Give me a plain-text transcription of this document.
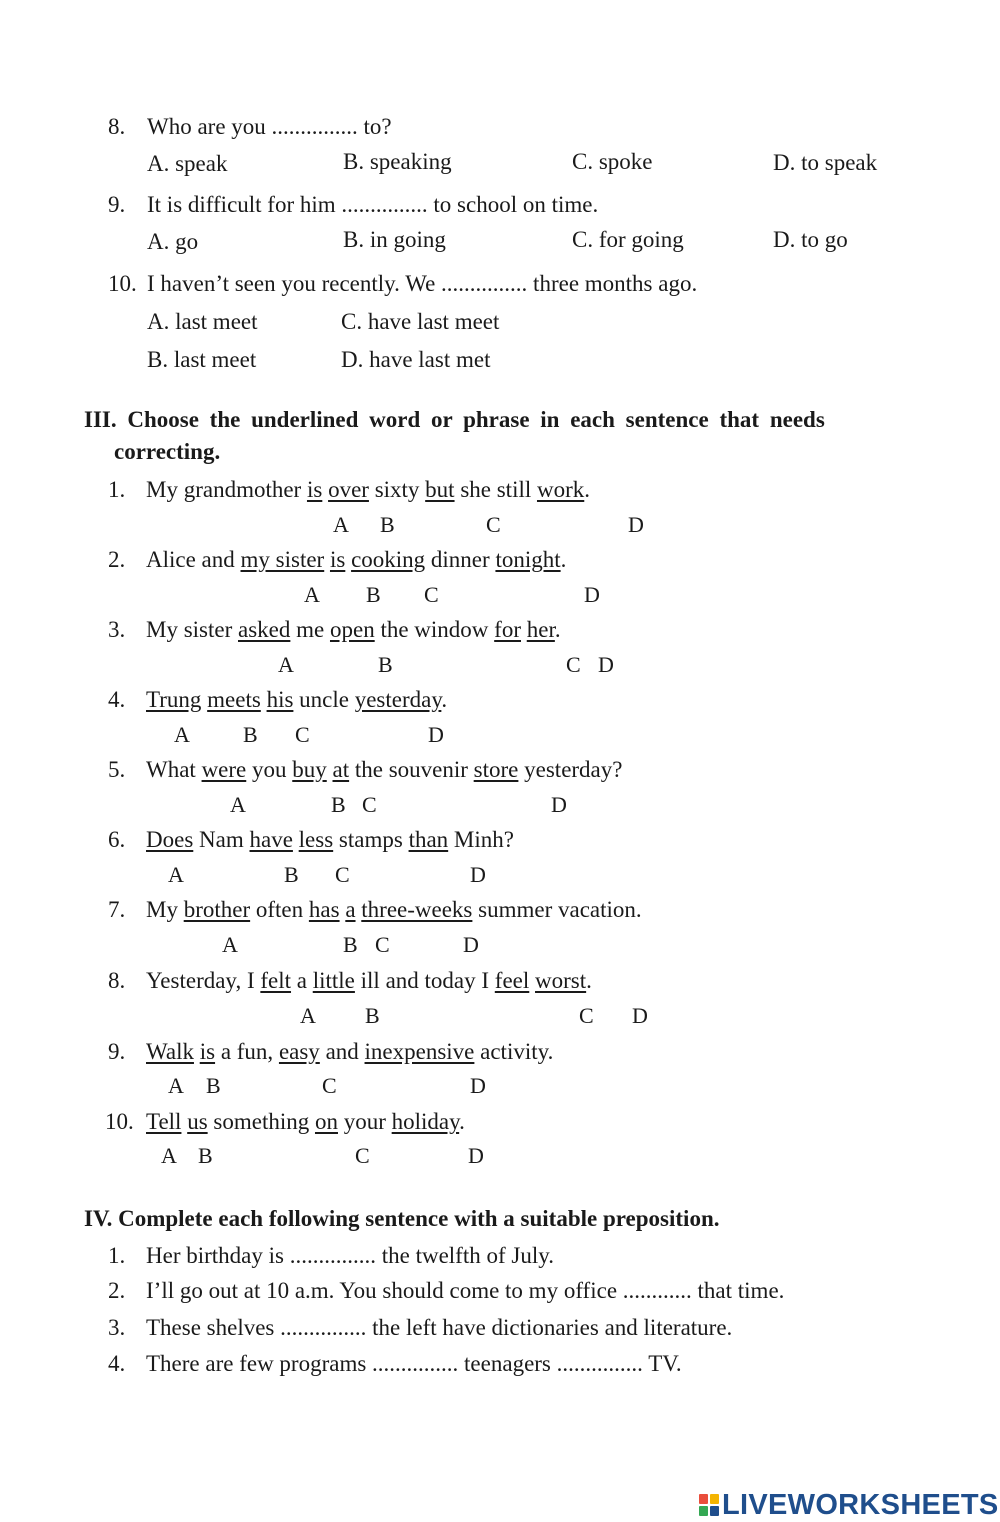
8. Who are you ............... to?
A. speak	B. speaking	C. spoke	D. to speak
9. It is difficult for him ............... to school on time.
A. go	B. in going	C. for going	D. to go
10. I haven’t seen you recently. We ............... three months ago.
A. last meet	C. have last meet
B. last meet	D. have last met
III. Choose the underlined word or phrase in each sentence that needs
correcting.
1. My grandmother is over sixty but she still work.
A B	C	D
2. Alice and my sister is cooking dinner tonight.
A B C	D
3. My sister asked me open the window for her.
A	B	C D
4. Trung meets his uncle yesterday.
A B C	D
5. What were you buy at the souvenir store yesterday?
A	B C	D
6. Does Nam have less stamps than Minh?
A	B C	D
7. My brother often has a three-weeks summer vacation.
A	B C	D
8. Yesterday, I felt a little ill and today I feel worst.
A B	C D
9. Walk is a fun, easy and inexpensive activity.
A B	C	D
10. Tell us something on your holiday.
A B	C	D
IV. Complete each following sentence with a suitable preposition.
1. Her birthday is ............... the twelfth of July.
2. I’ll go out at 10 a.m. You should come to my office ............ that time.
3. These shelves ............... the left have dictionaries and literature.
4. There are few programs ............... teenagers ............... TV.
LIVEWORKSHEETS
